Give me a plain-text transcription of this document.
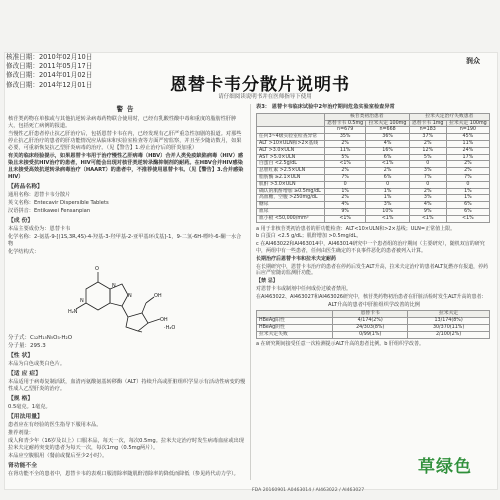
核准日期：2010年02月10日
修改日期：2011年05月17日
修改日期：2014年01月02日
修改日期：2014年12月01日
润众
恩替卡韦分散片说明书
请仔细阅读说明书并在医师指导下使用
警告

核苷类药物在单独或与其他抗逆转录病毒药物联合使用时，已经有乳酸性酸中毒和重度的脂肪性肝肿大，包括死亡病例的报道。

当慢性乙肝患者停止抗乙肝治疗后，包括恩替卡韦在内，已经发现有乙肝严重急性加剧的报道。对那些停止抗乙肝治疗的患者的肝功能情况应从临床和实验室检查等方面严密监察，并且至少随访数月，如果必要，可重新恢复抗乙型肝炎病毒的治疗。（见【警告】1.停止治疗后的肝炎加重）

有关的临床经验提示，如果恩替卡韦用于治疗慢性乙肝病毒（HBV）合并人类免疫缺陷病毒（HIV）感染且未接受抗HIV治疗的患者，HIV可能会出现对核苷类逆转录酶抑制剂的耐药。在HBV合并HIV感染且未接受高效抗逆转录病毒治疗（HAART）的患者中，不推荐使用恩替卡韦。（见【警告】3.合并感染HIV）

【药品名称】

通用名称：恩替卡韦分散片

英文名称：Entecavir Dispersible Tablets

汉语拼音：Entikawei Fensanpian

【成 份】

本品主要成份为：恩替卡韦

化学名称：2-氨基-9-[(1S,3R,4S)-4-羟基-3-羟甲基-2-亚甲基环戊基]-1，9-二氢-6H-嘌呤-6-酮一水合物

化学结构式：

O
H₂N
N
N
N	OH
OH
·H₂O

分子式：C₁₂H₁₅N₅O₃·H₂O

分子量：295.3

【性 状】

本品为白色或类白色片。

【适 应 症】

本品适用于病毒复制活跃，血清丙氨酸氨基转移酶（ALT）持续升高或肝脏组织学显示有活动性病变的慢性成人乙型肝炎的治疗。

【规 格】

0.5毫克。1毫克。

【用法用量】

患者应在有经验的医生指导下服用本品。

推荐剂量：

成人和青少年（16岁及以上）口服本品，每天一次，每次0.5mg。拉米夫定治疗时发生病毒血症或出现拉米夫定耐药突变的患者为每天一次，每次1mg（0.5mg两片）。

本品应空腹服用（餐前或餐后至少2小时）。

肾功能不全

在肾功能不全的患者中，恩替卡韦的表观口服清除率随肌酐清除率的降低而降低（参见药代动力学）。

表3： 恩替卡韦临床试验中2年治疗期间危急实验室检查异常
	核苷类初治患者		拉米夫定治疗失败患者	
	恩替卡韦 0.5mg	拉米夫定 100mg	恩替卡韦 1mg	拉米夫定 100mg
	n=679	n=668	n=183	n=190
任何3~4级实验室检查异常	35%	36%	37%	45%
ALT >10×ULN和>2×基线	2%	4%	2%	11%
ALT >3.0×ULN	11%	16%	12%	24%
AST >5.0×ULN	5%	6%	5%	17%
白蛋白 <2.5g/dL	<1%	<1%	0	2%
总胆红素 >2.5×ULN	2%	2%	3%	2%
脂肪酶 ≥2.1×ULN	7%	6%	7%	7%
肌酐 >3.0×ULN	0	0	0	0
确认的肌酐增加 ≥0.5mg/dL	1%	1%	2%	1%
高血糖，空腹 >250mg/dL	2%	1%	3%	1%
糖尿	4%	3%	4%	6%
血尿	9%	10%	9%	6%
血小板 <50,000/mm³	<1%	<1%	<1%	<1%

a 用于非核苷类初治患者的肝功能检查：ALT<10×ULN和>2×基线；ULN=正常值上限。

b 白蛋白 <2.5 g/dL；肌酐增加 >0.5mg/dL。

c 在AI463022和AI463014中，AI463014研究中一个患者组的治疗期间（主要研究），随机双盲的研究中，两组中有一些患者，任何由医生确定的不良事件恶化的患者被列入计算。

长期治疗后恩替卡韦和拉米夫定耐药

在长期研究中，恩替卡韦治疗的患者在停药后发生ALT升高，拉米夫定治疗的患者ALT复燃亦有报道，停药后应严密随访监测肝功能。

【禁 忌】

对恩替卡韦或制剂中任何成份过敏者禁用。

在AI463022、AI463027和AI463026研究中，核苷类药物初治患者在肝脏活检时发生ALT升高的患者：

ALT升高的患者中肝脏组织学改善的比例
	恩替卡韦	拉米夫定
HBeAg阳性	4/174(2%)	13/174(8%)
HBeAg阴性	24/303(8%)	30/370(11%)
拉米夫定失败	0/99(1%)	2/100(2%)

a 在研究期间接受任意一次检测提示ALT升高的患者比例。b 肝组织学改善。

FDA 20160901 A0463014 / AI463022 / AI463027
草绿色
